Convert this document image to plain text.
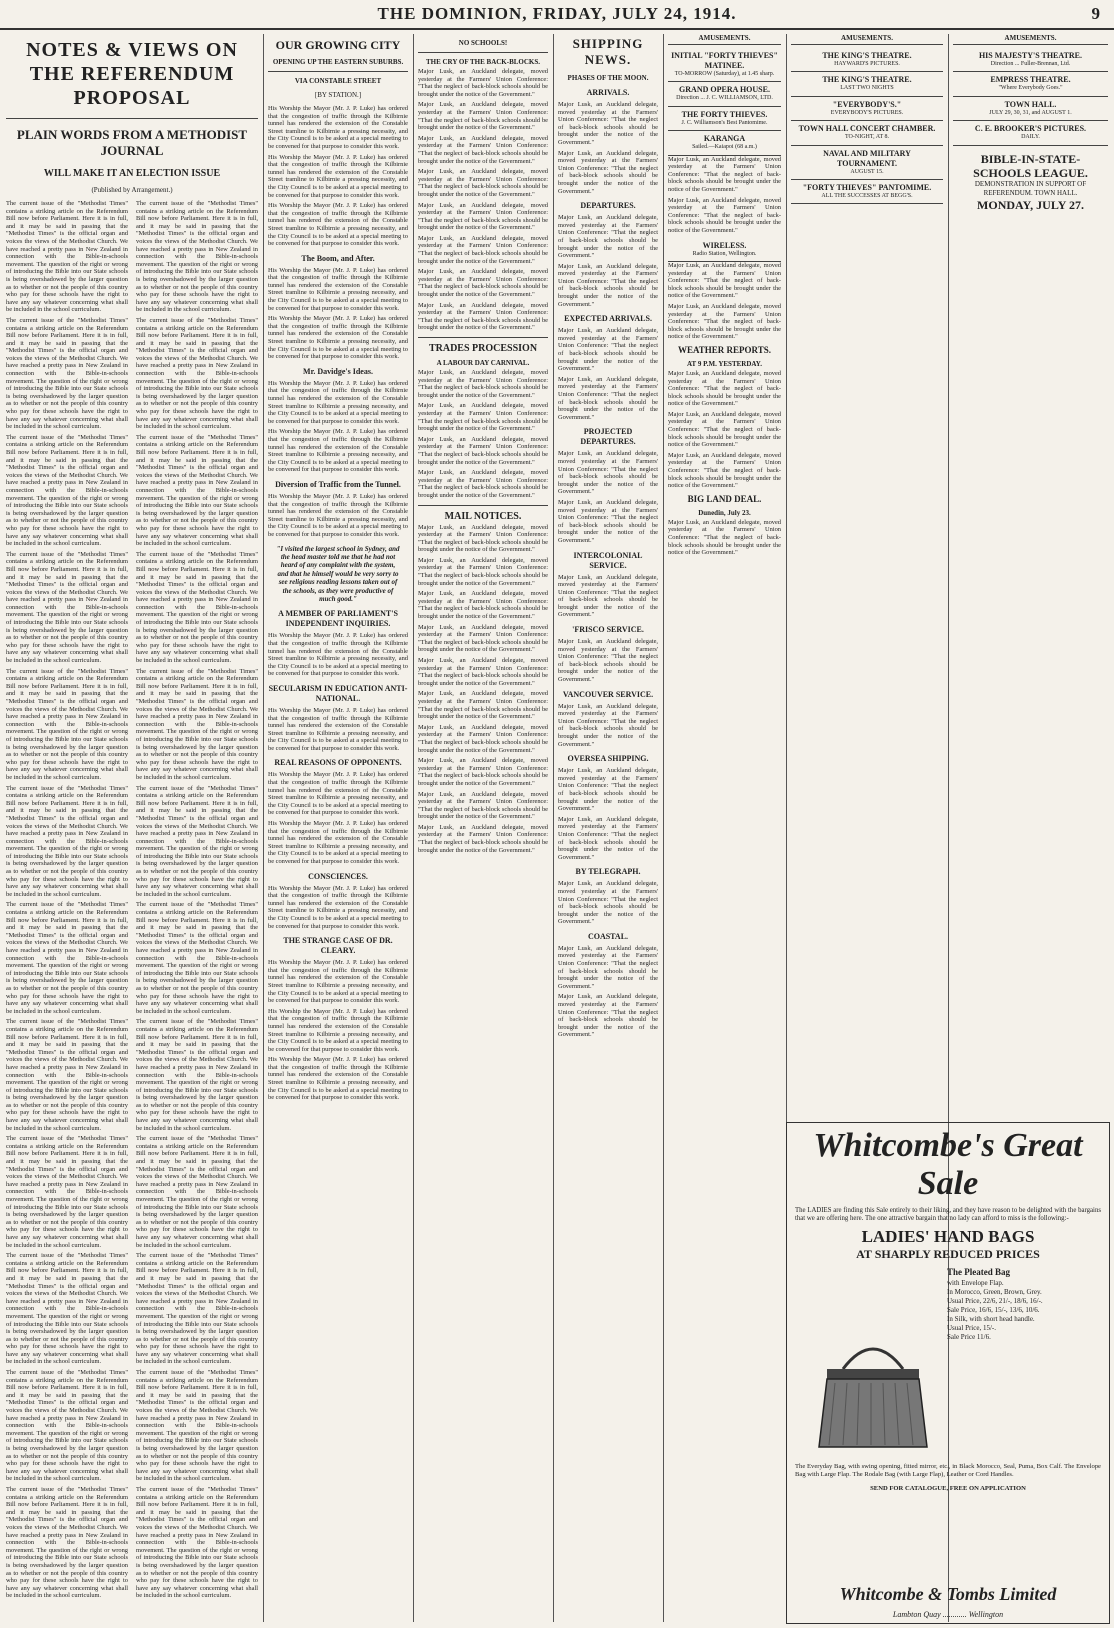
THE DOMINION, FRIDAY, JULY 24, 1914.	9
NOTES & VIEWS ON THE REFERENDUM PROPOSAL
PLAIN WORDS FROM A METHODIST JOURNAL
WILL MAKE IT AN ELECTION ISSUE
(Published by Arrangement.)

The current issue of the "Methodist Times" contains a striking article on the Referendum Bill now before Parliament. Here it is in full, and it may be said in passing that the "Methodist Times" is the official organ and voices the views of the Methodist Church. We have reached a pretty pass in New Zealand in connection with the Bible-in-schools movement. The question of the right or wrong of introducing the Bible into our State schools is being overshadowed by the larger question as to whether or not the people of this country who pay for these schools have the right to have any say whatever concerning what shall be included in the school curriculum.

The current issue of the "Methodist Times" contains a striking article on the Referendum Bill now before Parliament. Here it is in full, and it may be said in passing that the "Methodist Times" is the official organ and voices the views of the Methodist Church. We have reached a pretty pass in New Zealand in connection with the Bible-in-schools movement. The question of the right or wrong of introducing the Bible into our State schools is being overshadowed by the larger question as to whether or not the people of this country who pay for these schools have the right to have any say whatever concerning what shall be included in the school curriculum.

The current issue of the "Methodist Times" contains a striking article on the Referendum Bill now before Parliament. Here it is in full, and it may be said in passing that the "Methodist Times" is the official organ and voices the views of the Methodist Church. We have reached a pretty pass in New Zealand in connection with the Bible-in-schools movement. The question of the right or wrong of introducing the Bible into our State schools is being overshadowed by the larger question as to whether or not the people of this country who pay for these schools have the right to have any say whatever concerning what shall be included in the school curriculum.

The current issue of the "Methodist Times" contains a striking article on the Referendum Bill now before Parliament. Here it is in full, and it may be said in passing that the "Methodist Times" is the official organ and voices the views of the Methodist Church. We have reached a pretty pass in New Zealand in connection with the Bible-in-schools movement. The question of the right or wrong of introducing the Bible into our State schools is being overshadowed by the larger question as to whether or not the people of this country who pay for these schools have the right to have any say whatever concerning what shall be included in the school curriculum.

The current issue of the "Methodist Times" contains a striking article on the Referendum Bill now before Parliament. Here it is in full, and it may be said in passing that the "Methodist Times" is the official organ and voices the views of the Methodist Church. We have reached a pretty pass in New Zealand in connection with the Bible-in-schools movement. The question of the right or wrong of introducing the Bible into our State schools is being overshadowed by the larger question as to whether or not the people of this country who pay for these schools have the right to have any say whatever concerning what shall be included in the school curriculum.

The current issue of the "Methodist Times" contains a striking article on the Referendum Bill now before Parliament. Here it is in full, and it may be said in passing that the "Methodist Times" is the official organ and voices the views of the Methodist Church. We have reached a pretty pass in New Zealand in connection with the Bible-in-schools movement. The question of the right or wrong of introducing the Bible into our State schools is being overshadowed by the larger question as to whether or not the people of this country who pay for these schools have the right to have any say whatever concerning what shall be included in the school curriculum.

The current issue of the "Methodist Times" contains a striking article on the Referendum Bill now before Parliament. Here it is in full, and it may be said in passing that the "Methodist Times" is the official organ and voices the views of the Methodist Church. We have reached a pretty pass in New Zealand in connection with the Bible-in-schools movement. The question of the right or wrong of introducing the Bible into our State schools is being overshadowed by the larger question as to whether or not the people of this country who pay for these schools have the right to have any say whatever concerning what shall be included in the school curriculum.

The current issue of the "Methodist Times" contains a striking article on the Referendum Bill now before Parliament. Here it is in full, and it may be said in passing that the "Methodist Times" is the official organ and voices the views of the Methodist Church. We have reached a pretty pass in New Zealand in connection with the Bible-in-schools movement. The question of the right or wrong of introducing the Bible into our State schools is being overshadowed by the larger question as to whether or not the people of this country who pay for these schools have the right to have any say whatever concerning what shall be included in the school curriculum.

The current issue of the "Methodist Times" contains a striking article on the Referendum Bill now before Parliament. Here it is in full, and it may be said in passing that the "Methodist Times" is the official organ and voices the views of the Methodist Church. We have reached a pretty pass in New Zealand in connection with the Bible-in-schools movement. The question of the right or wrong of introducing the Bible into our State schools is being overshadowed by the larger question as to whether or not the people of this country who pay for these schools have the right to have any say whatever concerning what shall be included in the school curriculum.

The current issue of the "Methodist Times" contains a striking article on the Referendum Bill now before Parliament. Here it is in full, and it may be said in passing that the "Methodist Times" is the official organ and voices the views of the Methodist Church. We have reached a pretty pass in New Zealand in connection with the Bible-in-schools movement. The question of the right or wrong of introducing the Bible into our State schools is being overshadowed by the larger question as to whether or not the people of this country who pay for these schools have the right to have any say whatever concerning what shall be included in the school curriculum.

The current issue of the "Methodist Times" contains a striking article on the Referendum Bill now before Parliament. Here it is in full, and it may be said in passing that the "Methodist Times" is the official organ and voices the views of the Methodist Church. We have reached a pretty pass in New Zealand in connection with the Bible-in-schools movement. The question of the right or wrong of introducing the Bible into our State schools is being overshadowed by the larger question as to whether or not the people of this country who pay for these schools have the right to have any say whatever concerning what shall be included in the school curriculum.

The current issue of the "Methodist Times" contains a striking article on the Referendum Bill now before Parliament. Here it is in full, and it may be said in passing that the "Methodist Times" is the official organ and voices the views of the Methodist Church. We have reached a pretty pass in New Zealand in connection with the Bible-in-schools movement. The question of the right or wrong of introducing the Bible into our State schools is being overshadowed by the larger question as to whether or not the people of this country who pay for these schools have the right to have any say whatever concerning what shall be included in the school curriculum.

The current issue of the "Methodist Times" contains a striking article on the Referendum Bill now before Parliament. Here it is in full, and it may be said in passing that the "Methodist Times" is the official organ and voices the views of the Methodist Church. We have reached a pretty pass in New Zealand in connection with the Bible-in-schools movement. The question of the right or wrong of introducing the Bible into our State schools is being overshadowed by the larger question as to whether or not the people of this country who pay for these schools have the right to have any say whatever concerning what shall be included in the school curriculum.

The current issue of the "Methodist Times" contains a striking article on the Referendum Bill now before Parliament. Here it is in full, and it may be said in passing that the "Methodist Times" is the official organ and voices the views of the Methodist Church. We have reached a pretty pass in New Zealand in connection with the Bible-in-schools movement. The question of the right or wrong of introducing the Bible into our State schools is being overshadowed by the larger question as to whether or not the people of this country who pay for these schools have the right to have any say whatever concerning what shall be included in the school curriculum.

The current issue of the "Methodist Times" contains a striking article on the Referendum Bill now before Parliament. Here it is in full, and it may be said in passing that the "Methodist Times" is the official organ and voices the views of the Methodist Church. We have reached a pretty pass in New Zealand in connection with the Bible-in-schools movement. The question of the right or wrong of introducing the Bible into our State schools is being overshadowed by the larger question as to whether or not the people of this country who pay for these schools have the right to have any say whatever concerning what shall be included in the school curriculum.

The current issue of the "Methodist Times" contains a striking article on the Referendum Bill now before Parliament. Here it is in full, and it may be said in passing that the "Methodist Times" is the official organ and voices the views of the Methodist Church. We have reached a pretty pass in New Zealand in connection with the Bible-in-schools movement. The question of the right or wrong of introducing the Bible into our State schools is being overshadowed by the larger question as to whether or not the people of this country who pay for these schools have the right to have any say whatever concerning what shall be included in the school curriculum.

The current issue of the "Methodist Times" contains a striking article on the Referendum Bill now before Parliament. Here it is in full, and it may be said in passing that the "Methodist Times" is the official organ and voices the views of the Methodist Church. We have reached a pretty pass in New Zealand in connection with the Bible-in-schools movement. The question of the right or wrong of introducing the Bible into our State schools is being overshadowed by the larger question as to whether or not the people of this country who pay for these schools have the right to have any say whatever concerning what shall be included in the school curriculum.

The current issue of the "Methodist Times" contains a striking article on the Referendum Bill now before Parliament. Here it is in full, and it may be said in passing that the "Methodist Times" is the official organ and voices the views of the Methodist Church. We have reached a pretty pass in New Zealand in connection with the Bible-in-schools movement. The question of the right or wrong of introducing the Bible into our State schools is being overshadowed by the larger question as to whether or not the people of this country who pay for these schools have the right to have any say whatever concerning what shall be included in the school curriculum.

The current issue of the "Methodist Times" contains a striking article on the Referendum Bill now before Parliament. Here it is in full, and it may be said in passing that the "Methodist Times" is the official organ and voices the views of the Methodist Church. We have reached a pretty pass in New Zealand in connection with the Bible-in-schools movement. The question of the right or wrong of introducing the Bible into our State schools is being overshadowed by the larger question as to whether or not the people of this country who pay for these schools have the right to have any say whatever concerning what shall be included in the school curriculum.

The current issue of the "Methodist Times" contains a striking article on the Referendum Bill now before Parliament. Here it is in full, and it may be said in passing that the "Methodist Times" is the official organ and voices the views of the Methodist Church. We have reached a pretty pass in New Zealand in connection with the Bible-in-schools movement. The question of the right or wrong of introducing the Bible into our State schools is being overshadowed by the larger question as to whether or not the people of this country who pay for these schools have the right to have any say whatever concerning what shall be included in the school curriculum.

The current issue of the "Methodist Times" contains a striking article on the Referendum Bill now before Parliament. Here it is in full, and it may be said in passing that the "Methodist Times" is the official organ and voices the views of the Methodist Church. We have reached a pretty pass in New Zealand in connection with the Bible-in-schools movement. The question of the right or wrong of introducing the Bible into our State schools is being overshadowed by the larger question as to whether or not the people of this country who pay for these schools have the right to have any say whatever concerning what shall be included in the school curriculum.

The current issue of the "Methodist Times" contains a striking article on the Referendum Bill now before Parliament. Here it is in full, and it may be said in passing that the "Methodist Times" is the official organ and voices the views of the Methodist Church. We have reached a pretty pass in New Zealand in connection with the Bible-in-schools movement. The question of the right or wrong of introducing the Bible into our State schools is being overshadowed by the larger question as to whether or not the people of this country who pay for these schools have the right to have any say whatever concerning what shall be included in the school curriculum.

The current issue of the "Methodist Times" contains a striking article on the Referendum Bill now before Parliament. Here it is in full, and it may be said in passing that the "Methodist Times" is the official organ and voices the views of the Methodist Church. We have reached a pretty pass in New Zealand in connection with the Bible-in-schools movement. The question of the right or wrong of introducing the Bible into our State schools is being overshadowed by the larger question as to whether or not the people of this country who pay for these schools have the right to have any say whatever concerning what shall be included in the school curriculum.

The current issue of the "Methodist Times" contains a striking article on the Referendum Bill now before Parliament. Here it is in full, and it may be said in passing that the "Methodist Times" is the official organ and voices the views of the Methodist Church. We have reached a pretty pass in New Zealand in connection with the Bible-in-schools movement. The question of the right or wrong of introducing the Bible into our State schools is being overshadowed by the larger question as to whether or not the people of this country who pay for these schools have the right to have any say whatever concerning what shall be included in the school curriculum.

OUR GROWING CITY
OPENING UP THE EASTERN SUBURBS.
VIA CONSTABLE STREET
[BY STATION.]

His Worship the Mayor (Mr. J. P. Luke) has ordered that the congestion of traffic through the Kilbirnie tunnel has rendered the extension of the Constable Street tramline to Kilbirnie a pressing necessity, and the City Council is to be asked at a special meeting to be convened for that purpose to consider this work.

His Worship the Mayor (Mr. J. P. Luke) has ordered that the congestion of traffic through the Kilbirnie tunnel has rendered the extension of the Constable Street tramline to Kilbirnie a pressing necessity, and the City Council is to be asked at a special meeting to be convened for that purpose to consider this work.

His Worship the Mayor (Mr. J. P. Luke) has ordered that the congestion of traffic through the Kilbirnie tunnel has rendered the extension of the Constable Street tramline to Kilbirnie a pressing necessity, and the City Council is to be asked at a special meeting to be convened for that purpose to consider this work.

The Boom, and After.

His Worship the Mayor (Mr. J. P. Luke) has ordered that the congestion of traffic through the Kilbirnie tunnel has rendered the extension of the Constable Street tramline to Kilbirnie a pressing necessity, and the City Council is to be asked at a special meeting to be convened for that purpose to consider this work.

His Worship the Mayor (Mr. J. P. Luke) has ordered that the congestion of traffic through the Kilbirnie tunnel has rendered the extension of the Constable Street tramline to Kilbirnie a pressing necessity, and the City Council is to be asked at a special meeting to be convened for that purpose to consider this work.

Mr. Davidge's Ideas.

His Worship the Mayor (Mr. J. P. Luke) has ordered that the congestion of traffic through the Kilbirnie tunnel has rendered the extension of the Constable Street tramline to Kilbirnie a pressing necessity, and the City Council is to be asked at a special meeting to be convened for that purpose to consider this work.

His Worship the Mayor (Mr. J. P. Luke) has ordered that the congestion of traffic through the Kilbirnie tunnel has rendered the extension of the Constable Street tramline to Kilbirnie a pressing necessity, and the City Council is to be asked at a special meeting to be convened for that purpose to consider this work.

Diversion of Traffic from the Tunnel.

His Worship the Mayor (Mr. J. P. Luke) has ordered that the congestion of traffic through the Kilbirnie tunnel has rendered the extension of the Constable Street tramline to Kilbirnie a pressing necessity, and the City Council is to be asked at a special meeting to be convened for that purpose to consider this work.

"I visited the largest school in Sydney, and the head master told me that he had not heard of any complaint with the system, and that he himself would be very sorry to see religious reading lessons taken out of the schools, as they were productive of much good."
A MEMBER OF PARLIAMENT'S INDEPENDENT INQUIRIES.

His Worship the Mayor (Mr. J. P. Luke) has ordered that the congestion of traffic through the Kilbirnie tunnel has rendered the extension of the Constable Street tramline to Kilbirnie a pressing necessity, and the City Council is to be asked at a special meeting to be convened for that purpose to consider this work.

SECULARISM IN EDUCATION ANTI-NATIONAL.

His Worship the Mayor (Mr. J. P. Luke) has ordered that the congestion of traffic through the Kilbirnie tunnel has rendered the extension of the Constable Street tramline to Kilbirnie a pressing necessity, and the City Council is to be asked at a special meeting to be convened for that purpose to consider this work.

REAL REASONS OF OPPONENTS.

His Worship the Mayor (Mr. J. P. Luke) has ordered that the congestion of traffic through the Kilbirnie tunnel has rendered the extension of the Constable Street tramline to Kilbirnie a pressing necessity, and the City Council is to be asked at a special meeting to be convened for that purpose to consider this work.

His Worship the Mayor (Mr. J. P. Luke) has ordered that the congestion of traffic through the Kilbirnie tunnel has rendered the extension of the Constable Street tramline to Kilbirnie a pressing necessity, and the City Council is to be asked at a special meeting to be convened for that purpose to consider this work.

CONSCIENCES.

His Worship the Mayor (Mr. J. P. Luke) has ordered that the congestion of traffic through the Kilbirnie tunnel has rendered the extension of the Constable Street tramline to Kilbirnie a pressing necessity, and the City Council is to be asked at a special meeting to be convened for that purpose to consider this work.

THE STRANGE CASE OF DR. CLEARY.

His Worship the Mayor (Mr. J. P. Luke) has ordered that the congestion of traffic through the Kilbirnie tunnel has rendered the extension of the Constable Street tramline to Kilbirnie a pressing necessity, and the City Council is to be asked at a special meeting to be convened for that purpose to consider this work.

His Worship the Mayor (Mr. J. P. Luke) has ordered that the congestion of traffic through the Kilbirnie tunnel has rendered the extension of the Constable Street tramline to Kilbirnie a pressing necessity, and the City Council is to be asked at a special meeting to be convened for that purpose to consider this work.

His Worship the Mayor (Mr. J. P. Luke) has ordered that the congestion of traffic through the Kilbirnie tunnel has rendered the extension of the Constable Street tramline to Kilbirnie a pressing necessity, and the City Council is to be asked at a special meeting to be convened for that purpose to consider this work.

NO SCHOOLS!
THE CRY OF THE BACK-BLOCKS.

Major Lusk, an Auckland delegate, moved yesterday at the Farmers' Union Conference: "That the neglect of back-block schools should be brought under the notice of the Government."

Major Lusk, an Auckland delegate, moved yesterday at the Farmers' Union Conference: "That the neglect of back-block schools should be brought under the notice of the Government."

Major Lusk, an Auckland delegate, moved yesterday at the Farmers' Union Conference: "That the neglect of back-block schools should be brought under the notice of the Government."

Major Lusk, an Auckland delegate, moved yesterday at the Farmers' Union Conference: "That the neglect of back-block schools should be brought under the notice of the Government."

Major Lusk, an Auckland delegate, moved yesterday at the Farmers' Union Conference: "That the neglect of back-block schools should be brought under the notice of the Government."

Major Lusk, an Auckland delegate, moved yesterday at the Farmers' Union Conference: "That the neglect of back-block schools should be brought under the notice of the Government."

Major Lusk, an Auckland delegate, moved yesterday at the Farmers' Union Conference: "That the neglect of back-block schools should be brought under the notice of the Government."

Major Lusk, an Auckland delegate, moved yesterday at the Farmers' Union Conference: "That the neglect of back-block schools should be brought under the notice of the Government."

TRADES PROCESSION
A LABOUR DAY CARNIVAL.

Major Lusk, an Auckland delegate, moved yesterday at the Farmers' Union Conference: "That the neglect of back-block schools should be brought under the notice of the Government."

Major Lusk, an Auckland delegate, moved yesterday at the Farmers' Union Conference: "That the neglect of back-block schools should be brought under the notice of the Government."

Major Lusk, an Auckland delegate, moved yesterday at the Farmers' Union Conference: "That the neglect of back-block schools should be brought under the notice of the Government."

Major Lusk, an Auckland delegate, moved yesterday at the Farmers' Union Conference: "That the neglect of back-block schools should be brought under the notice of the Government."

MAIL NOTICES.

Major Lusk, an Auckland delegate, moved yesterday at the Farmers' Union Conference: "That the neglect of back-block schools should be brought under the notice of the Government."

Major Lusk, an Auckland delegate, moved yesterday at the Farmers' Union Conference: "That the neglect of back-block schools should be brought under the notice of the Government."

Major Lusk, an Auckland delegate, moved yesterday at the Farmers' Union Conference: "That the neglect of back-block schools should be brought under the notice of the Government."

Major Lusk, an Auckland delegate, moved yesterday at the Farmers' Union Conference: "That the neglect of back-block schools should be brought under the notice of the Government."

Major Lusk, an Auckland delegate, moved yesterday at the Farmers' Union Conference: "That the neglect of back-block schools should be brought under the notice of the Government."

Major Lusk, an Auckland delegate, moved yesterday at the Farmers' Union Conference: "That the neglect of back-block schools should be brought under the notice of the Government."

Major Lusk, an Auckland delegate, moved yesterday at the Farmers' Union Conference: "That the neglect of back-block schools should be brought under the notice of the Government."

Major Lusk, an Auckland delegate, moved yesterday at the Farmers' Union Conference: "That the neglect of back-block schools should be brought under the notice of the Government."

Major Lusk, an Auckland delegate, moved yesterday at the Farmers' Union Conference: "That the neglect of back-block schools should be brought under the notice of the Government."

Major Lusk, an Auckland delegate, moved yesterday at the Farmers' Union Conference: "That the neglect of back-block schools should be brought under the notice of the Government."

SHIPPING NEWS.
PHASES OF THE MOON.
ARRIVALS.

Major Lusk, an Auckland delegate, moved yesterday at the Farmers' Union Conference: "That the neglect of back-block schools should be brought under the notice of the Government."

Major Lusk, an Auckland delegate, moved yesterday at the Farmers' Union Conference: "That the neglect of back-block schools should be brought under the notice of the Government."

DEPARTURES.

Major Lusk, an Auckland delegate, moved yesterday at the Farmers' Union Conference: "That the neglect of back-block schools should be brought under the notice of the Government."

Major Lusk, an Auckland delegate, moved yesterday at the Farmers' Union Conference: "That the neglect of back-block schools should be brought under the notice of the Government."

EXPECTED ARRIVALS.

Major Lusk, an Auckland delegate, moved yesterday at the Farmers' Union Conference: "That the neglect of back-block schools should be brought under the notice of the Government."

Major Lusk, an Auckland delegate, moved yesterday at the Farmers' Union Conference: "That the neglect of back-block schools should be brought under the notice of the Government."

PROJECTED DEPARTURES.

Major Lusk, an Auckland delegate, moved yesterday at the Farmers' Union Conference: "That the neglect of back-block schools should be brought under the notice of the Government."

Major Lusk, an Auckland delegate, moved yesterday at the Farmers' Union Conference: "That the neglect of back-block schools should be brought under the notice of the Government."

INTERCOLONIAL SERVICE.

Major Lusk, an Auckland delegate, moved yesterday at the Farmers' Union Conference: "That the neglect of back-block schools should be brought under the notice of the Government."

'FRISCO SERVICE.

Major Lusk, an Auckland delegate, moved yesterday at the Farmers' Union Conference: "That the neglect of back-block schools should be brought under the notice of the Government."

VANCOUVER SERVICE.

Major Lusk, an Auckland delegate, moved yesterday at the Farmers' Union Conference: "That the neglect of back-block schools should be brought under the notice of the Government."

OVERSEA SHIPPING.

Major Lusk, an Auckland delegate, moved yesterday at the Farmers' Union Conference: "That the neglect of back-block schools should be brought under the notice of the Government."

Major Lusk, an Auckland delegate, moved yesterday at the Farmers' Union Conference: "That the neglect of back-block schools should be brought under the notice of the Government."

BY TELEGRAPH.

Major Lusk, an Auckland delegate, moved yesterday at the Farmers' Union Conference: "That the neglect of back-block schools should be brought under the notice of the Government."

COASTAL.

Major Lusk, an Auckland delegate, moved yesterday at the Farmers' Union Conference: "That the neglect of back-block schools should be brought under the notice of the Government."

Major Lusk, an Auckland delegate, moved yesterday at the Farmers' Union Conference: "That the neglect of back-block schools should be brought under the notice of the Government."

AMUSEMENTS.
INITIAL "FORTY THIEVES" MATINEE.
TO-MORROW (Saturday), at 1.45 sharp.
GRAND OPERA HOUSE.
Direction ... J. C. WILLIAMSON, LTD.
THE FORTY THIEVES.
J. C. Williamson's Best Pantomime.
KARANGA
Sailed.—Kaiapoi (68 a.m.)

Major Lusk, an Auckland delegate, moved yesterday at the Farmers' Union Conference: "That the neglect of back-block schools should be brought under the notice of the Government."

Major Lusk, an Auckland delegate, moved yesterday at the Farmers' Union Conference: "That the neglect of back-block schools should be brought under the notice of the Government."

WIRELESS.
Radio Station, Wellington.

Major Lusk, an Auckland delegate, moved yesterday at the Farmers' Union Conference: "That the neglect of back-block schools should be brought under the notice of the Government."

Major Lusk, an Auckland delegate, moved yesterday at the Farmers' Union Conference: "That the neglect of back-block schools should be brought under the notice of the Government."

WEATHER REPORTS.
AT 9 P.M. YESTERDAY.

Major Lusk, an Auckland delegate, moved yesterday at the Farmers' Union Conference: "That the neglect of back-block schools should be brought under the notice of the Government."

Major Lusk, an Auckland delegate, moved yesterday at the Farmers' Union Conference: "That the neglect of back-block schools should be brought under the notice of the Government."

Major Lusk, an Auckland delegate, moved yesterday at the Farmers' Union Conference: "That the neglect of back-block schools should be brought under the notice of the Government."

BIG LAND DEAL.
Dunedin, July 23.

Major Lusk, an Auckland delegate, moved yesterday at the Farmers' Union Conference: "That the neglect of back-block schools should be brought under the notice of the Government."

AMUSEMENTS.
THE KING'S THEATRE.
HAYWARD'S PICTURES.
THE KING'S THEATRE.
LAST TWO NIGHTS
"EVERYBODY'S."
EVERYBODY'S PICTURES.
TOWN HALL CONCERT CHAMBER.
TO-NIGHT, AT 8.
NAVAL AND MILITARY TOURNAMENT.
AUGUST 15.
"FORTY THIEVES" PANTOMIME.
ALL THE SUCCESSES AT BEGG'S.
AMUSEMENTS.
HIS MAJESTY'S THEATRE.
Direction ... Fuller-Brennan, Ltd.
EMPRESS THEATRE.
"Where Everybody Goes."
TOWN HALL.
JULY 29, 30, 31, and AUGUST 1.
C. E. BROOKER'S PICTURES.
DAILY.
BIBLE-IN-STATE-SCHOOLS LEAGUE.
DEMONSTRATION IN SUPPORT OF REFERENDUM. TOWN HALL.
MONDAY, JULY 27.
Whitcombe's Great Sale
The LADIES are finding this Sale entirely to their liking, and they have reason to be delighted with the bargains that we are offering here. The one attractive bargain that no lady can afford to miss is the following:-
LADIES' HAND BAGS
AT SHARPLY REDUCED PRICES
The Pleated Bag
with Envelope Flap.
In Morocco, Green, Brown, Grey.
Usual Price, 22/6, 21/-, 18/6, 16/-.
Sale Price, 16/6, 15/-, 13/6, 10/6.
In Silk, with short head handle.
Usual Price, 15/-.
Sale Price 11/6.
The Everyday Bag, with swing opening, fitted mirror, etc., in Black Morocco, Seal, Puma, Box Calf. The Envelope Bag with Large Flap. The Rodale Bag (with Large Flap), Leather or Cord Handles.
SEND FOR CATALOGUE, FREE ON APPLICATION
Whitcombe & Tombs Limited
Lambton Quay ............ Wellington
